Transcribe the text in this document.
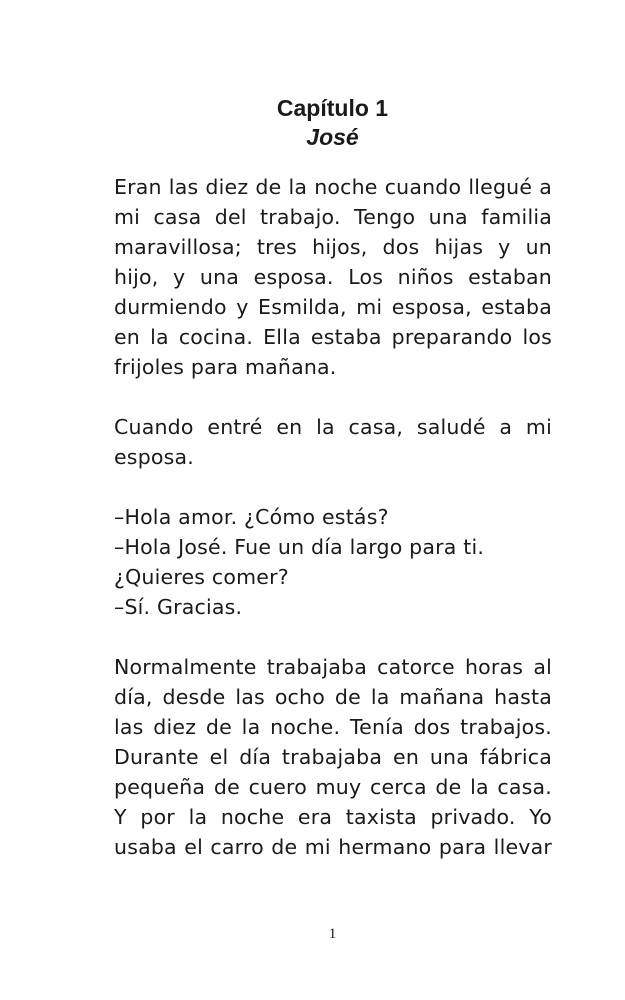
Capítulo 1
José

Eran las diez de la noche cuando llegué a mi casa del trabajo. Tengo una familia maravillosa; tres hijos, dos hijas y un hijo, y una esposa. Los niños estaban durmiendo y Esmilda, mi esposa, estaba en la cocina. Ella estaba preparando los frijoles para mañana.

Cuando entré en la casa, saludé a mi esposa.

–Hola amor. ¿Cómo estás?

–Hola José. Fue un día largo para ti. ¿Quieres comer?

–Sí. Gracias.

Normalmente trabajaba catorce horas al día, desde las ocho de la mañana hasta las diez de la noche. Tenía dos trabajos. Durante el día trabajaba en una fábrica pequeña de cuero muy cerca de la casa. Y por la noche era taxista privado. Yo usaba el carro de mi hermano para llevar

1
